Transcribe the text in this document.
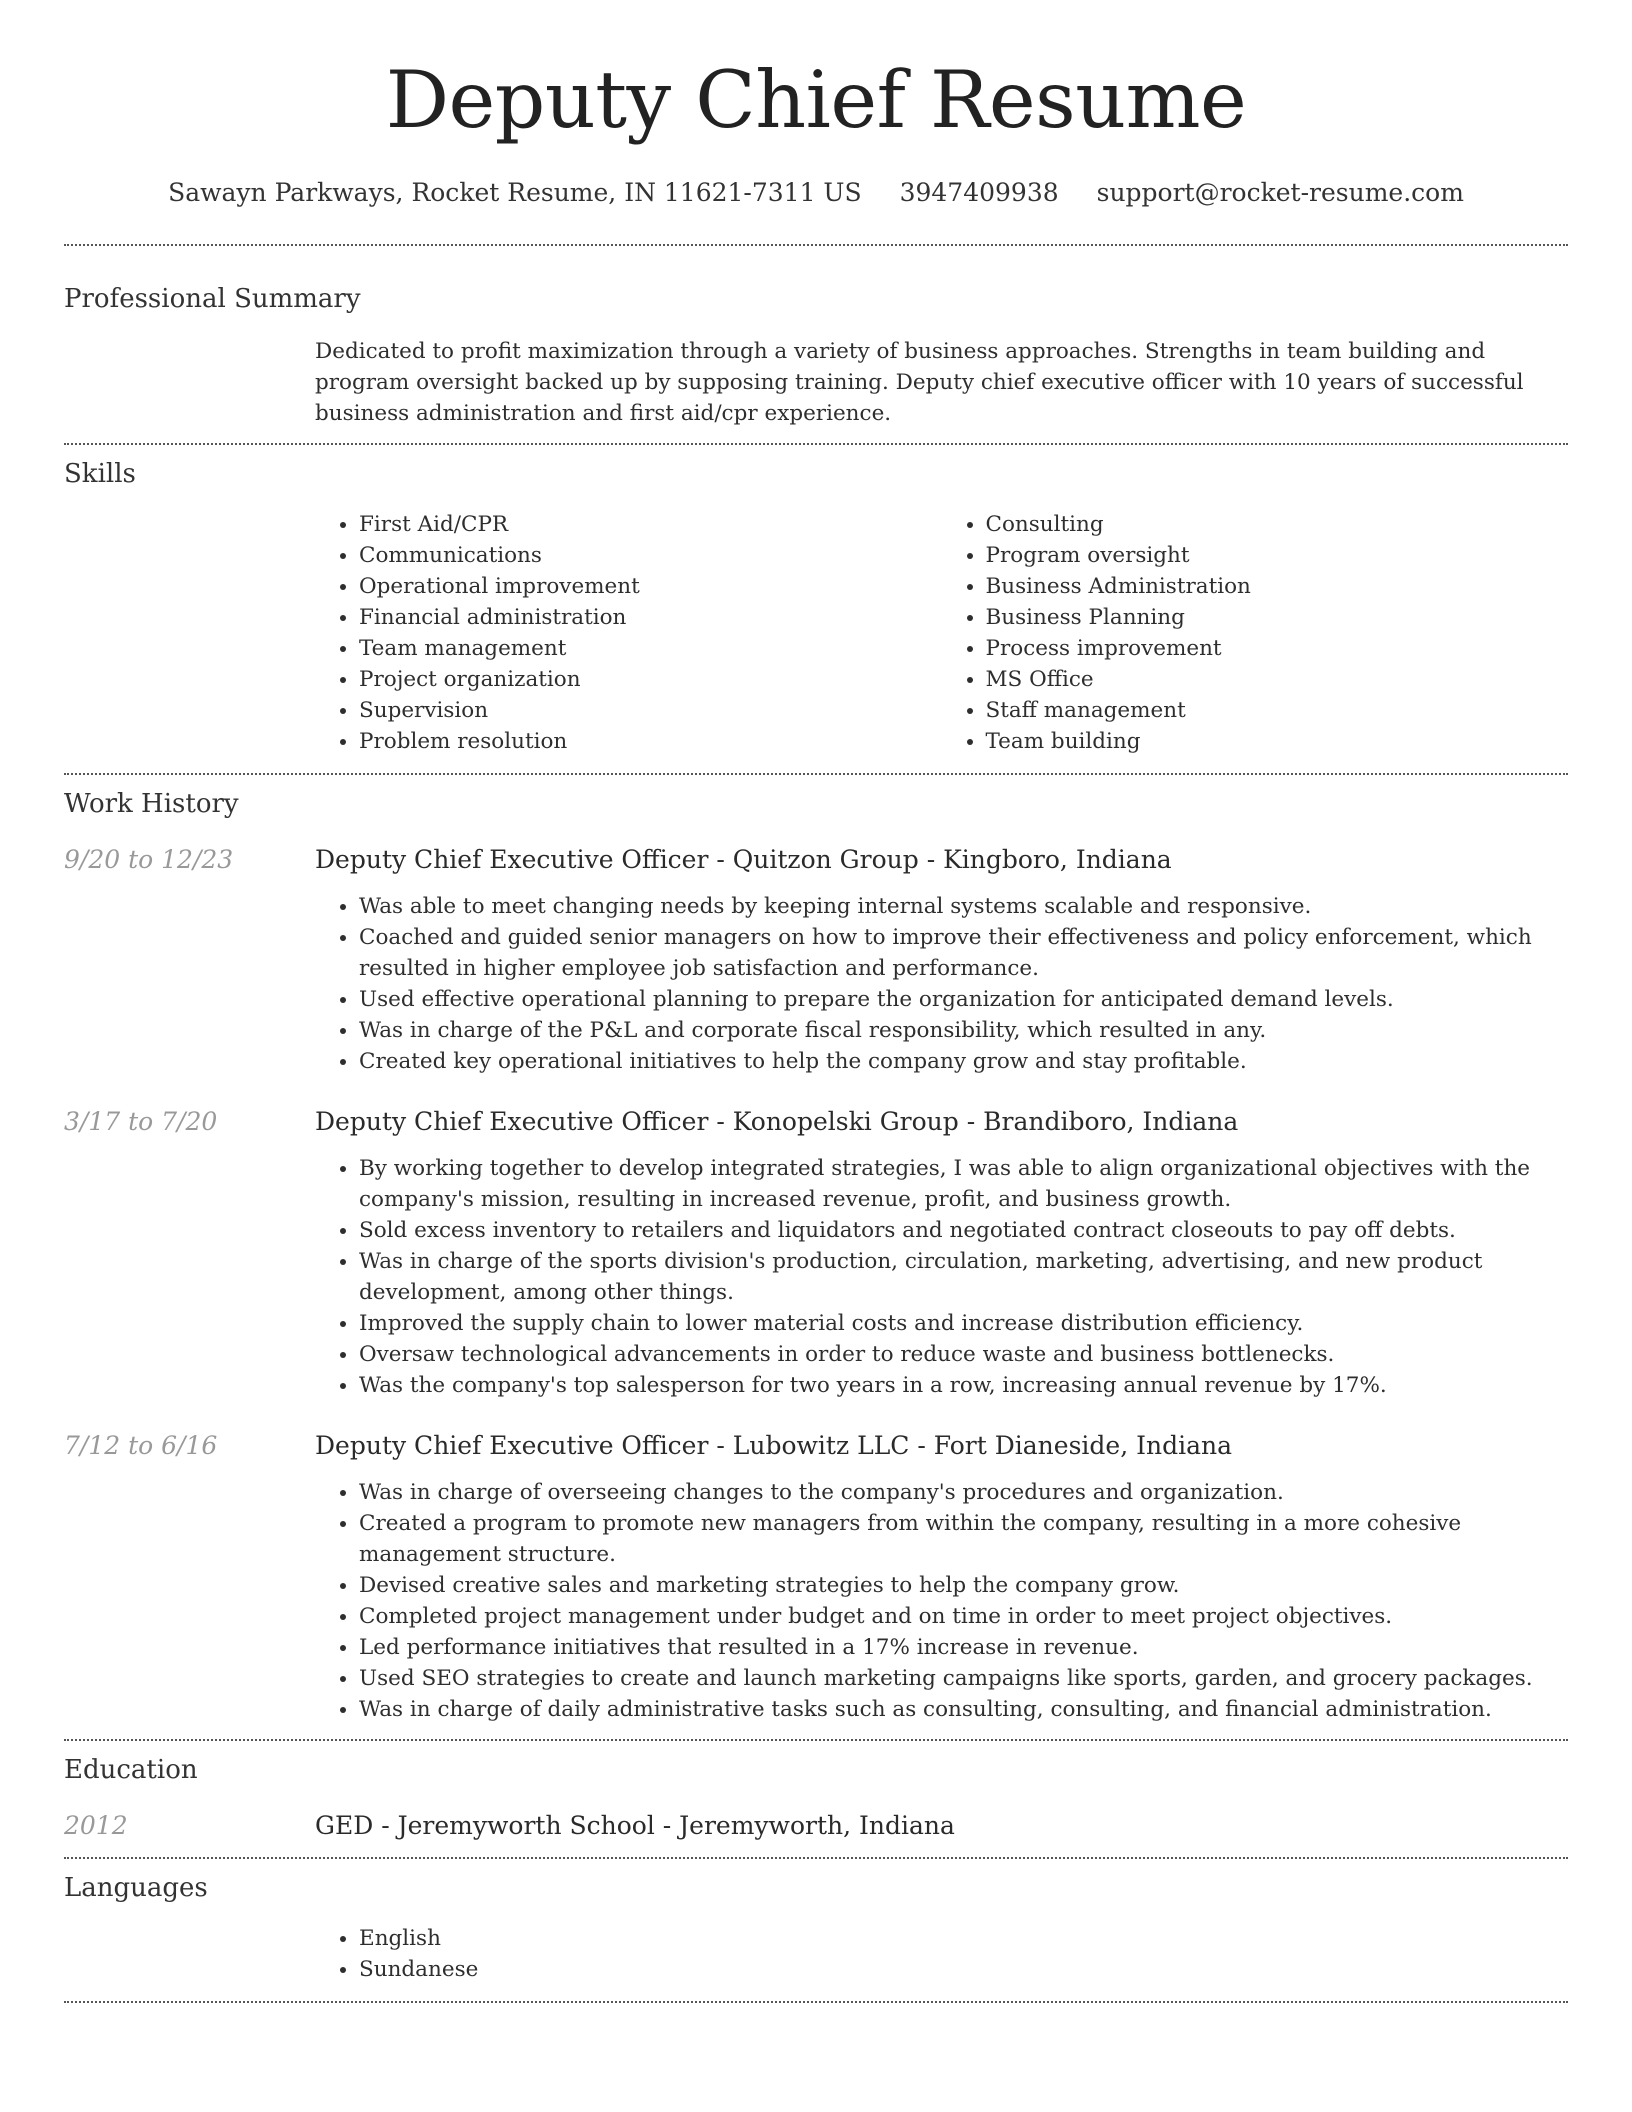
Deputy Chief Resume
Sawayn Parkways, Rocket Resume, IN 11621-7311 US 3947409938 support@rocket-resume.com
Professional Summary
Dedicated to profit maximization through a variety of business approaches. Strengths in team building and program oversight backed up by supposing training. Deputy chief executive officer with 10 years of successful business administration and first aid/cpr experience.
Skills
• First Aid/CPR
• Communications
• Operational improvement
• Financial administration
• Team management
• Project organization
• Supervision
• Problem resolution
• Consulting
• Program oversight
• Business Administration
• Business Planning
• Process improvement
• MS Office
• Staff management
• Team building
Work History
9/20 to 12/23	Deputy Chief Executive Officer - Quitzon Group - Kingboro, Indiana
• Was able to meet changing needs by keeping internal systems scalable and responsive.
• Coached and guided senior managers on how to improve their effectiveness and policy enforcement, which resulted in higher employee job satisfaction and performance.
• Used effective operational planning to prepare the organization for anticipated demand levels.
• Was in charge of the P&L and corporate fiscal responsibility, which resulted in any.
• Created key operational initiatives to help the company grow and stay profitable.
3/17 to 7/20	Deputy Chief Executive Officer - Konopelski Group - Brandiboro, Indiana
• By working together to develop integrated strategies, I was able to align organizational objectives with the company's mission, resulting in increased revenue, profit, and business growth.
• Sold excess inventory to retailers and liquidators and negotiated contract closeouts to pay off debts.
• Was in charge of the sports division's production, circulation, marketing, advertising, and new product development, among other things.
• Improved the supply chain to lower material costs and increase distribution efficiency.
• Oversaw technological advancements in order to reduce waste and business bottlenecks.
• Was the company's top salesperson for two years in a row, increasing annual revenue by 17%.
7/12 to 6/16	Deputy Chief Executive Officer - Lubowitz LLC - Fort Dianeside, Indiana
• Was in charge of overseeing changes to the company's procedures and organization.
• Created a program to promote new managers from within the company, resulting in a more cohesive management structure.
• Devised creative sales and marketing strategies to help the company grow.
• Completed project management under budget and on time in order to meet project objectives.
• Led performance initiatives that resulted in a 17% increase in revenue.
• Used SEO strategies to create and launch marketing campaigns like sports, garden, and grocery packages.
• Was in charge of daily administrative tasks such as consulting, consulting, and financial administration.
Education
2012	GED - Jeremyworth School - Jeremyworth, Indiana
Languages
• English
• Sundanese
